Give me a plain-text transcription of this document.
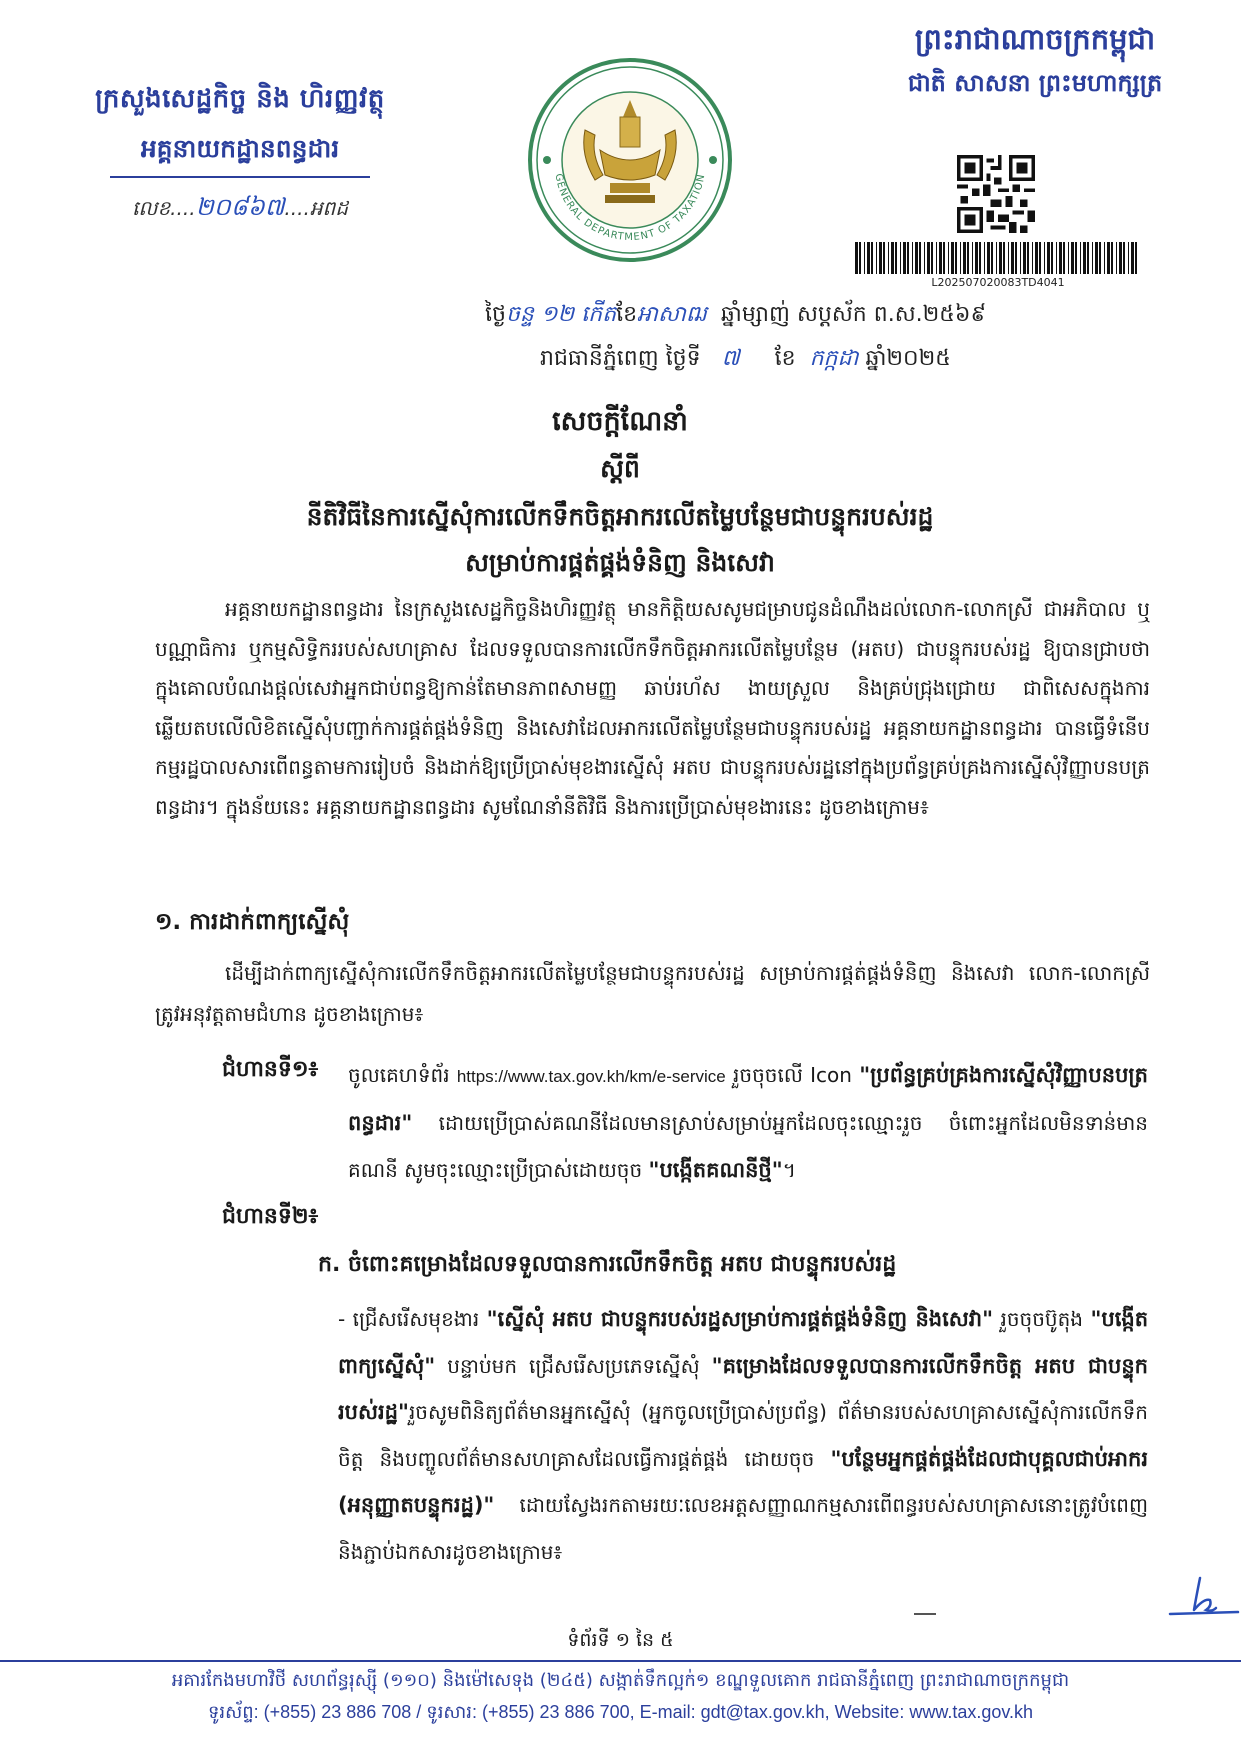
ក្រសួងសេដ្ឋកិច្ច និង ហិរញ្ញវត្ថុ
អគ្គនាយកដ្ឋានពន្ធដារ
លេខ....២០៨៦៧....អពដ
GENERAL DEPARTMENT OF TAXATION
ព្រះរាជាណាចក្រកម្ពុជា
ជាតិ សាសនា ព្រះមហាក្សត្រ
L202507020083TD4041
ថ្ងៃចន្ទ ១២ កើតខែអាសាឍ ឆ្នាំម្សាញ់ សប្តស័ក ព.ស.២៥៦៩
រាជធានីភ្នំពេញ ថ្ងៃទី ៧ ខែ កក្កដា ឆ្នាំ២០២៥
សេចក្តីណែនាំ
ស្តីពី
នីតិវិធីនៃការស្នើសុំការលើកទឹកចិត្តអាករលើតម្លៃបន្ថែមជាបន្ទុករបស់រដ្ឋ
សម្រាប់ការផ្គត់ផ្គង់ទំនិញ និងសេវា
អគ្គនាយកដ្ឋានពន្ធដារ នៃក្រសួងសេដ្ឋកិច្ចនិងហិរញ្ញវត្ថុ មានកិត្តិយសសូមជម្រាបជូនដំណឹងដល់លោក-លោកស្រី ជាអភិបាល ឬបណ្ណាធិការ ឬកម្មសិទ្ធិកររបស់សហគ្រាស ដែលទទួលបានការលើកទឹកចិត្តអាករលើតម្លៃបន្ថែម (អតប) ជាបន្ទុករបស់រដ្ឋ ឱ្យបានជ្រាបថា ក្នុងគោលបំណងផ្តល់សេវាអ្នកជាប់ពន្ធឱ្យកាន់តែមានភាពសាមញ្ញ ឆាប់រហ័ស ងាយស្រួល និងគ្រប់ជ្រុងជ្រោយ ជាពិសេសក្នុងការឆ្លើយតបលើលិខិតស្នើសុំបញ្ជាក់ការផ្គត់ផ្គង់ទំនិញ និងសេវាដែលអាករលើតម្លៃបន្ថែមជាបន្ទុករបស់រដ្ឋ អគ្គនាយកដ្ឋានពន្ធដារ បានធ្វើទំនើបកម្មរដ្ឋបាលសារពើពន្ធតាមការរៀបចំ និងដាក់ឱ្យប្រើប្រាស់មុខងារស្នើសុំ អតប ជាបន្ទុករបស់រដ្ឋនៅក្នុងប្រព័ន្ធគ្រប់គ្រងការស្នើសុំវិញ្ញាបនបត្រពន្ធដារ។ ក្នុងន័យនេះ អគ្គនាយកដ្ឋានពន្ធដារ សូមណែនាំនីតិវិធី និងការប្រើប្រាស់មុខងារនេះ ដូចខាងក្រោម៖
១. ការដាក់ពាក្យស្នើសុំ
ដើម្បីដាក់ពាក្យស្នើសុំការលើកទឹកចិត្តអាករលើតម្លៃបន្ថែមជាបន្ទុករបស់រដ្ឋ សម្រាប់ការផ្គត់ផ្គង់ទំនិញ និងសេវា លោក-លោកស្រី ត្រូវអនុវត្តតាមជំហាន ដូចខាងក្រោម៖
ជំហានទី១៖ ចូលគេហទំព័រ https://www.tax.gov.kh/km/e-service រួចចុចលើ Icon "ប្រព័ន្ធគ្រប់គ្រងការស្នើសុំវិញ្ញាបនបត្រពន្ធដារ" ដោយប្រើប្រាស់គណនីដែលមានស្រាប់សម្រាប់អ្នកដែលចុះឈ្មោះរួច ចំពោះអ្នកដែលមិនទាន់មានគណនី សូមចុះឈ្មោះប្រើប្រាស់ដោយចុច "បង្កើតគណនីថ្មី"។
ជំហានទី២៖
ក. ចំពោះគម្រោងដែលទទួលបានការលើកទឹកចិត្ត អតប ជាបន្ទុករបស់រដ្ឋ
- ជ្រើសរើសមុខងារ "ស្នើសុំ អតប ជាបន្ទុករបស់រដ្ឋសម្រាប់ការផ្គត់ផ្គង់ទំនិញ និងសេវា" រួចចុចប៊ូតុង "បង្កើតពាក្យស្នើសុំ" បន្ទាប់មក ជ្រើសរើសប្រភេទស្នើសុំ "គម្រោងដែលទទួលបានការលើកទឹកចិត្ត អតប ជាបន្ទុករបស់រដ្ឋ"រួចសូមពិនិត្យព័ត៌មានអ្នកស្នើសុំ (អ្នកចូលប្រើប្រាស់ប្រព័ន្ធ) ព័ត៌មានរបស់សហគ្រាសស្នើសុំការលើកទឹកចិត្ត និងបញ្ចូលព័ត៌មានសហគ្រាសដែលធ្វើការផ្គត់ផ្គង់ ដោយចុច "បន្ថែមអ្នកផ្គត់ផ្គង់ដែលជាបុគ្គលជាប់អាករ (អនុញ្ញាតបន្ទុករដ្ឋ)" ដោយស្វែងរកតាមរយៈលេខអត្តសញ្ញាណកម្មសារពើពន្ធរបស់សហគ្រាសនោះត្រូវបំពេញ និងភ្ជាប់ឯកសារដូចខាងក្រោម៖
ទំព័រទី ១ នៃ ៥
អគារកែងមហាវិថី សហព័ន្ធរុស្ស៊ី (១១០) និងម៉ៅសេទុង (២៤៥) សង្កាត់ទឹកល្អក់១ ខណ្ឌទួលគោក រាជធានីភ្នំពេញ ព្រះរាជាណាចក្រកម្ពុជា
ទូរស័ព្ទ: (+855) 23 886 708 / ទូរសារ: (+855) 23 886 700, E-mail: gdt@tax.gov.kh, Website: www.tax.gov.kh
